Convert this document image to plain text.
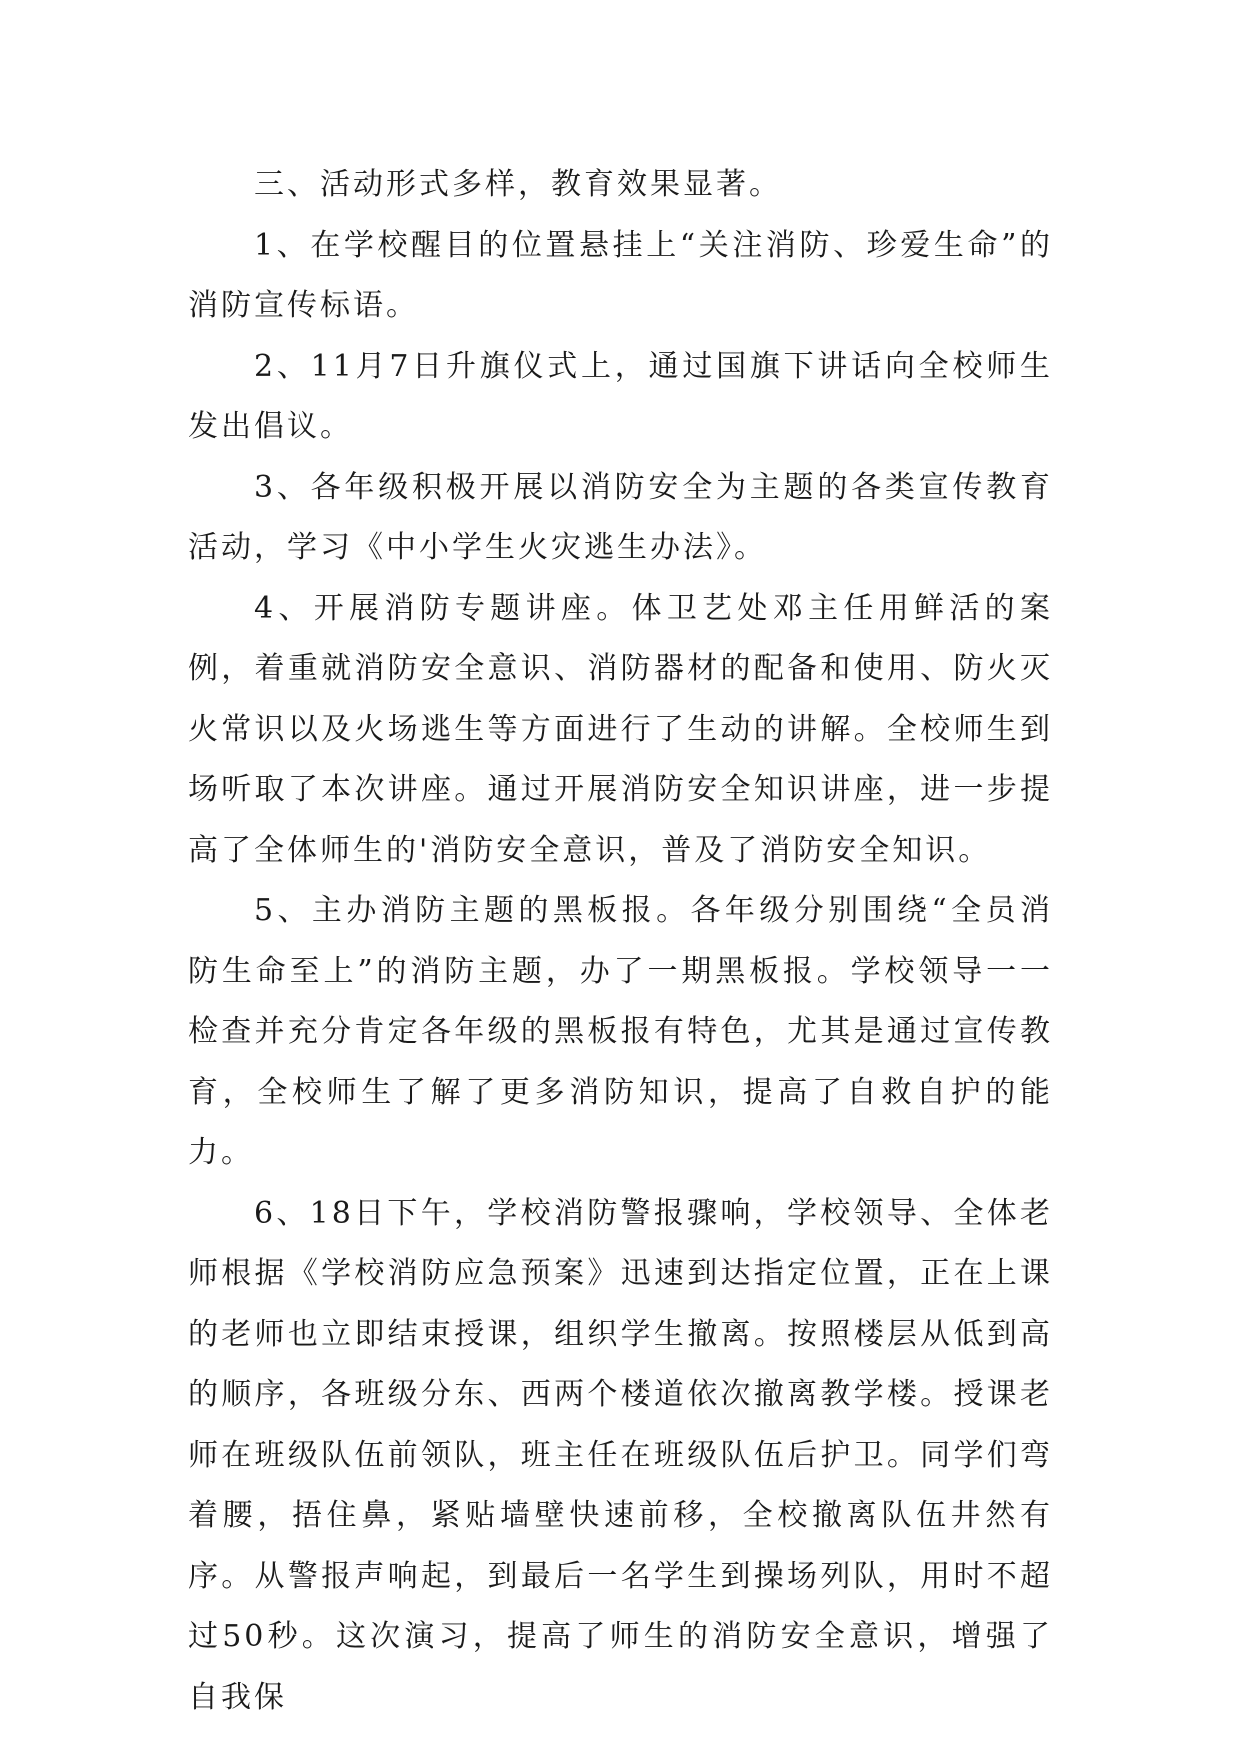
三、活动形式多样，教育效果显著。

1、在学校醒目的位置悬挂上“关注消防、珍爱生命”的消防宣传标语。

2、11月7日升旗仪式上，通过国旗下讲话向全校师生发出倡议。

3、各年级积极开展以消防安全为主题的各类宣传教育活动，学习《中小学生火灾逃生办法》。

4、开展消防专题讲座。体卫艺处邓主任用鲜活的案例，着重就消防安全意识、消防器材的配备和使用、防火灭火常识以及火场逃生等方面进行了生动的讲解。全校师生到场听取了本次讲座。通过开展消防安全知识讲座，进一步提高了全体师生的'消防安全意识，普及了消防安全知识。

5、主办消防主题的黑板报。各年级分别围绕“全员消防生命至上”的消防主题，办了一期黑板报。学校领导一一检查并充分肯定各年级的黑板报有特色，尤其是通过宣传教育，全校师生了解了更多消防知识，提高了自救自护的能力。

6、18日下午，学校消防警报骤响，学校领导、全体老师根据《学校消防应急预案》迅速到达指定位置，正在上课的老师也立即结束授课，组织学生撤离。按照楼层从低到高的顺序，各班级分东、西两个楼道依次撤离教学楼。授课老师在班级队伍前领队，班主任在班级队伍后护卫。同学们弯着腰，捂住鼻，紧贴墙壁快速前移，全校撤离队伍井然有序。从警报声响起，到最后一名学生到操场列队，用时不超过50秒。这次演习，提高了师生的消防安全意识，增强了自我保
